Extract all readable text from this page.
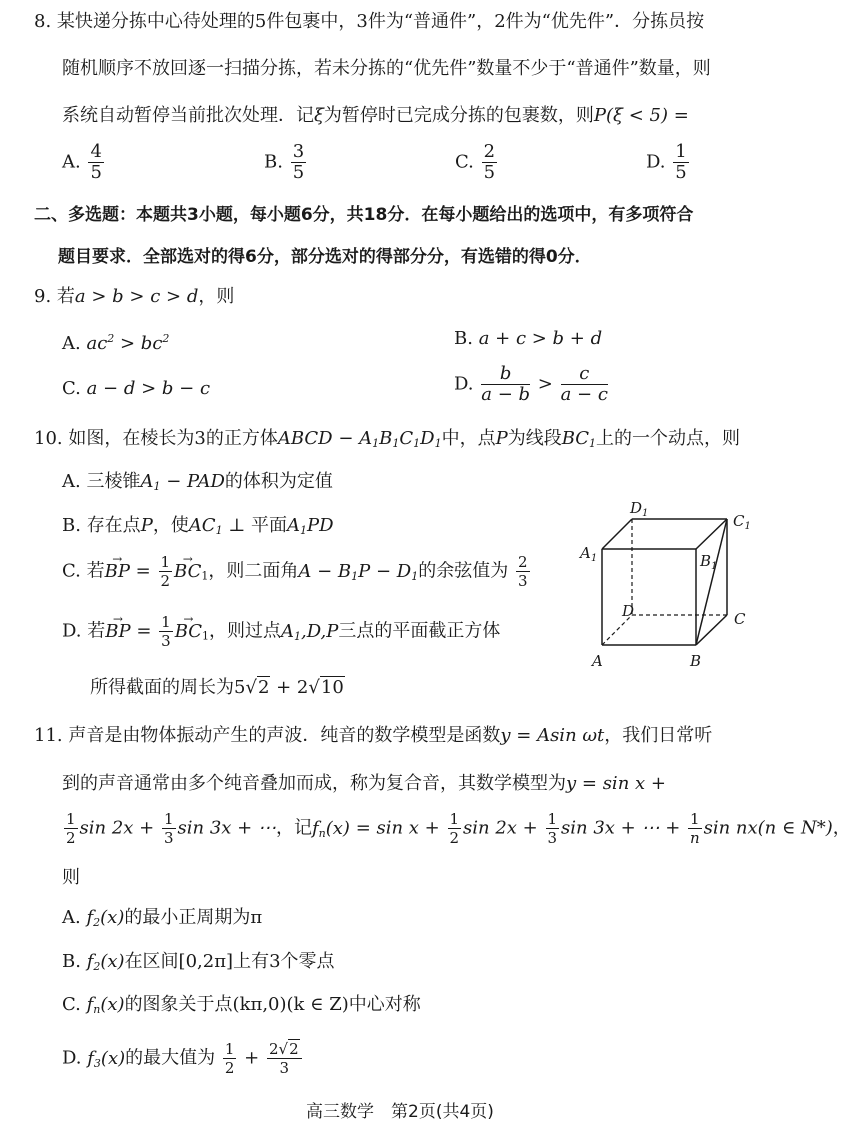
8. 某快递分拣中心待处理的5件包裹中，3件为“普通件”，2件为“优先件”．分拣员按
随机顺序不放回逐一扫描分拣，若未分拣的“优先件”数量不少于“普通件”数量，则
系统自动暂停当前批次处理．记ξ为暂停时已完成分拣的包裹数，则P(ξ < 5) =
A. $\frac{4}{5}$	B. $\frac{3}{5}$	C. $\frac{2}{5}$	D. $\frac{1}{5}$
二、多选题：本题共3小题，每小题6分，共18分．在每小题给出的选项中，有多项符合
题目要求．全部选对的得6分，部分选对的得部分分，有选错的得0分．
9. 若a > b > c > d，则
A. $ac^2 > bc^2$	B. a + c > b + d
C. a − d > b − c	D. $\frac{b}{a - b} > \frac{c}{a - c}$
10. 如图，在棱长为3的正方体ABCD − $A_1B_1C_1D_1$中，点P为线段$BC_1$上的一个动点，则
A. 三棱锥$A_1$ − PAD的体积为定值
B. 存在点P，使$AC_1$ ⊥ 平面$A_1PD$
C. 若→ BP = $\frac{1}{2}$
→ $BC_1$，则二面角$A - B_1P - D_1$的余弦值为 $\frac{2}{3}$
D. 若→ BP = $\frac{1}{3}$
→ $BC_1$，则过点$A_1,D,P$三点的平面截正方体
所得截面的周长为5√2 + 2√10
A	B
C
D
$A_1$	$B_1$
$C_1$
$D_1$
11. 声音是由物体振动产生的声波．纯音的数学模型是函数y = Asin ωt，我们日常听
到的声音通常由多个纯音叠加而成，称为复合音，其数学模型为y = sin x +
$\frac{1}{2}$ $\sin 2x + \frac{1}{3}$ sin 3x + ⋯，记$f_n(x) = \sin x + \frac{1}{2}$ $\sin 2x + \frac{1}{3}$ sin 3x + ⋯ + $\frac{1}{n}$ sin nx(n ∈ N*)，
则
A. $f_2(x)$的最小正周期为π
B. $f_2(x)$在区间[0,2π]上有3个零点
C. $f_n(x)$的图象关于点(kπ,0)(k ∈ Z)中心对称
D. $f_3(x)$的最大值为 $\frac{1}{2} + \frac{2√2}{3}$
高三数学　第2页(共4页)
